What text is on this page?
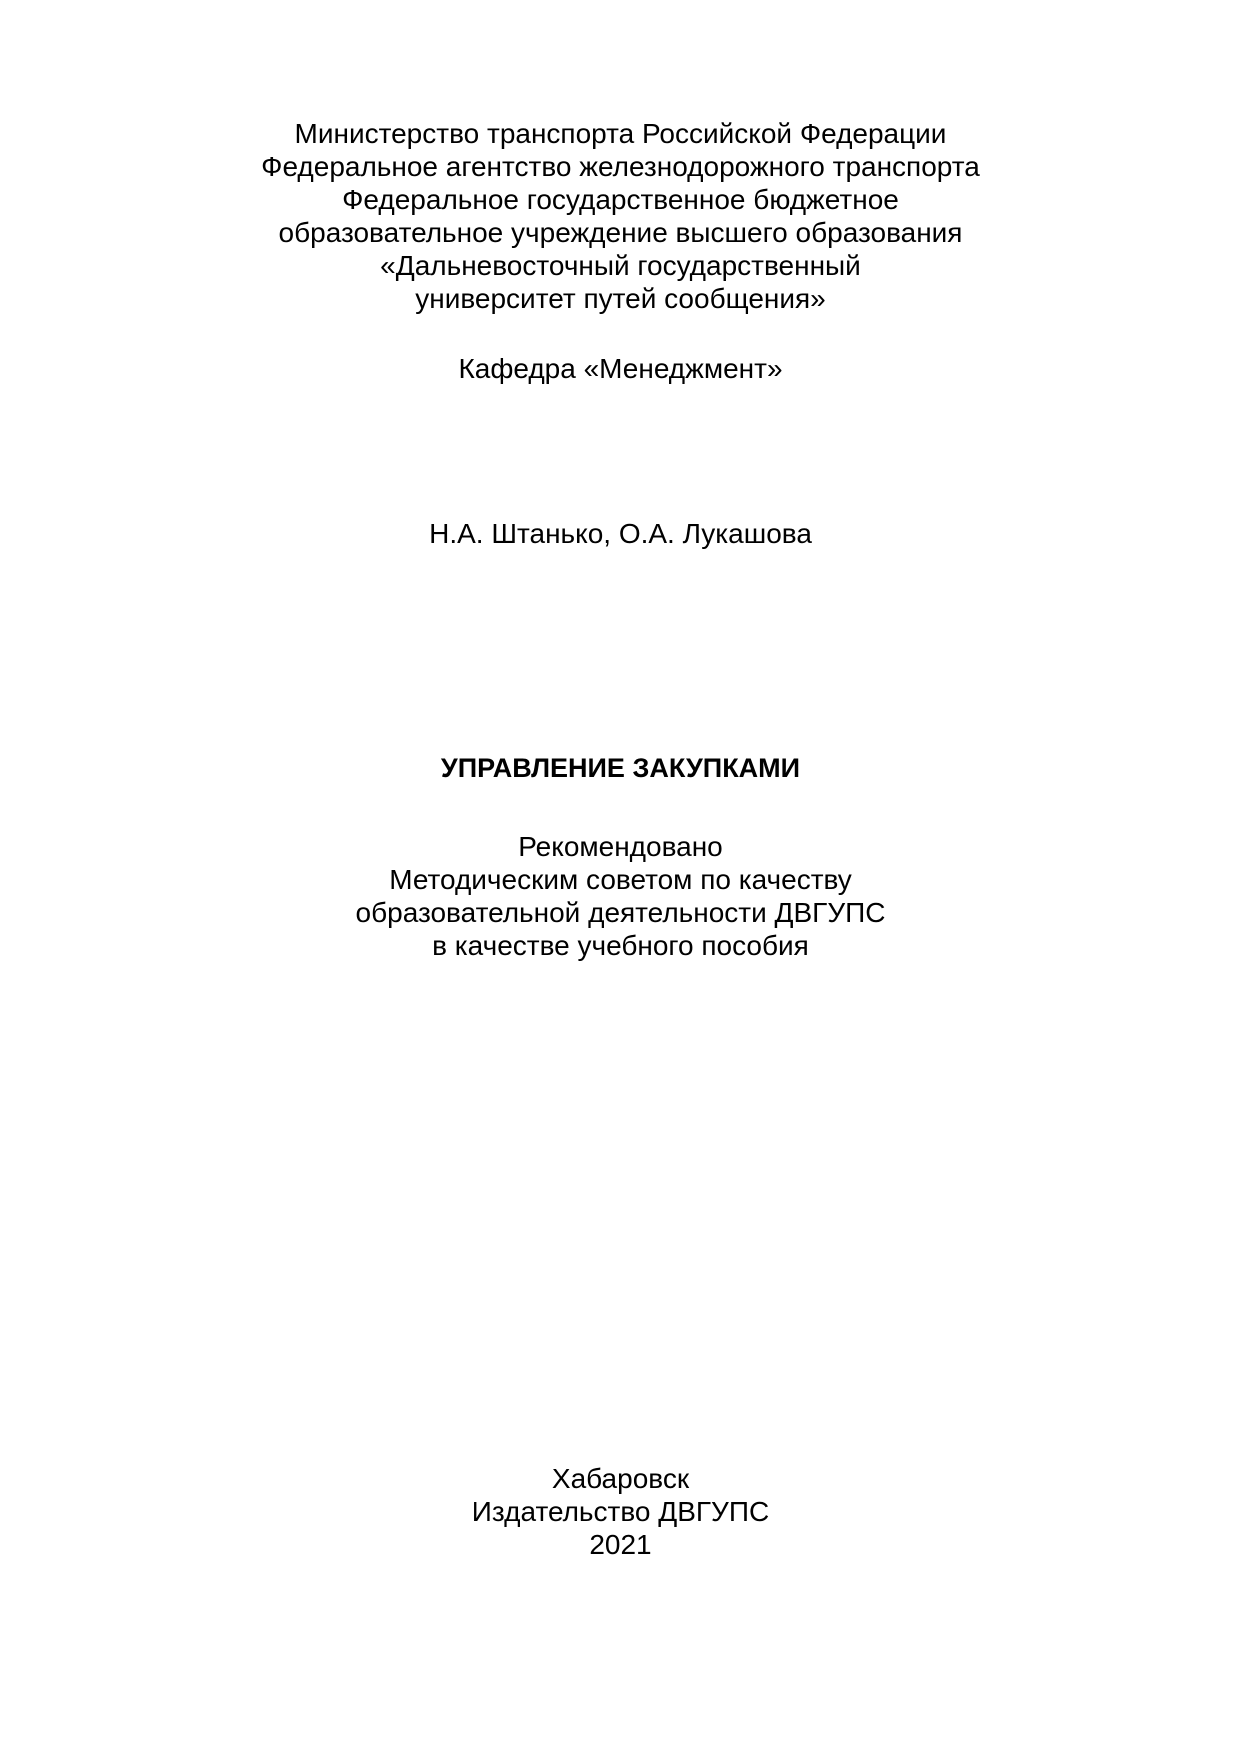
Министерство транспорта Российской Федерации
Федеральное агентство железнодорожного транспорта
Федеральное государственное бюджетное
образовательное учреждение высшего образования
«Дальневосточный государственный
университет путей сообщения»
Кафедра «Менеджмент»
Н.А. Штанько, О.А. Лукашова
УПРАВЛЕНИЕ ЗАКУПКАМИ
Рекомендовано
Методическим советом по качеству
образовательной деятельности ДВГУПС
в качестве учебного пособия
Хабаровск
Издательство ДВГУПС
2021
